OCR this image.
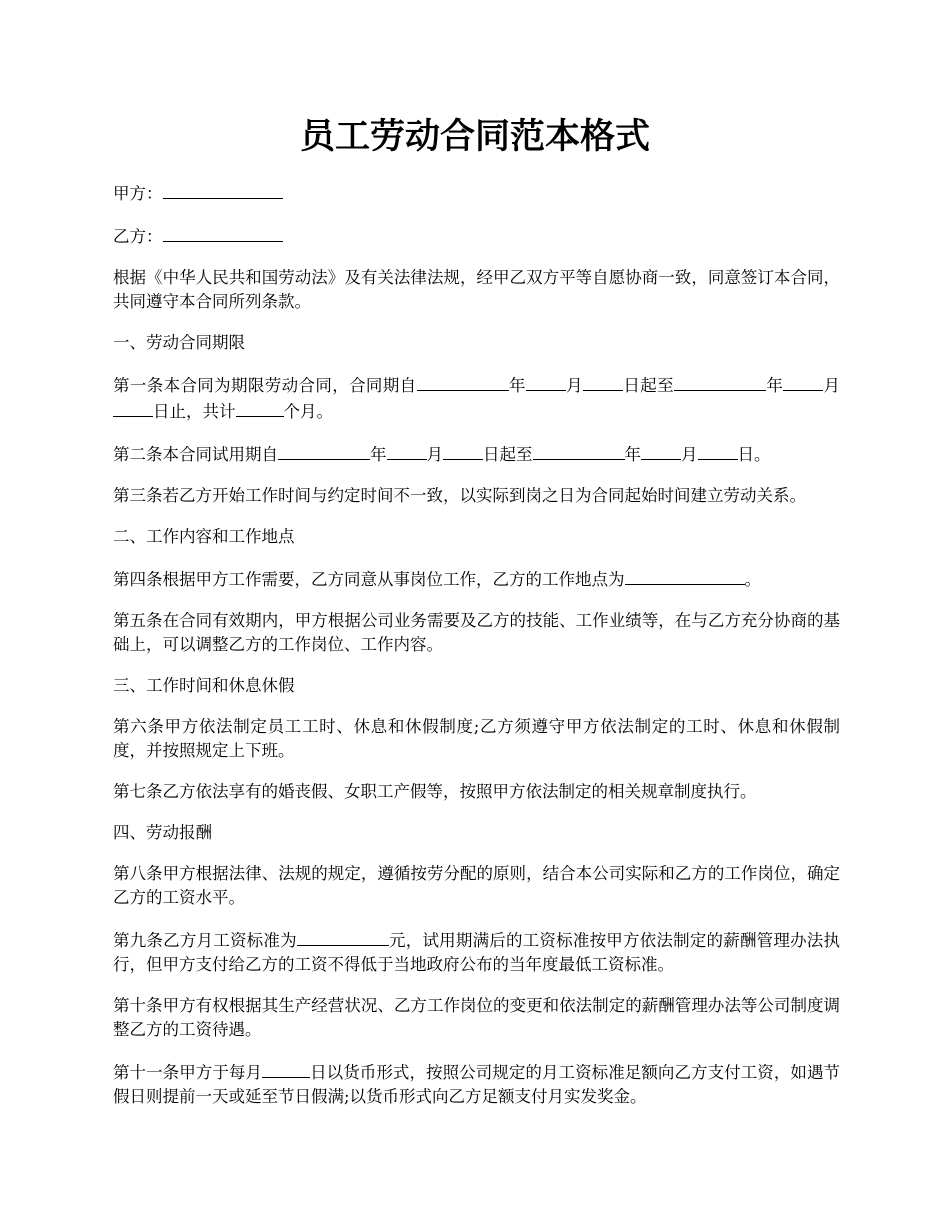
员工劳动合同范本格式

甲方：

乙方：

根据《中华人民共和国劳动法》及有关法律法规，经甲乙双方平等自愿协商一致，同意签订本合同，共同遵守本合同所列条款。

一、劳动合同期限

第一条本合同为期限劳动合同，合同期自	年 月 日起至	年 月日止，共计	个月。

第二条本合同试用期自	年 月 日起至	年 月 日。

第三条若乙方开始工作时间与约定时间不一致，以实际到岗之日为合同起始时间建立劳动关系。

二、工作内容和工作地点

第四条根据甲方工作需要，乙方同意从事岗位工作，乙方的工作地点为	。

第五条在合同有效期内，甲方根据公司业务需要及乙方的技能、工作业绩等，在与乙方充分协商的基础上，可以调整乙方的工作岗位、工作内容。

三、工作时间和休息休假

第六条甲方依法制定员工工时、休息和休假制度;乙方须遵守甲方依法制定的工时、休息和休假制度，并按照规定上下班。

第七条乙方依法享有的婚丧假、女职工产假等，按照甲方依法制定的相关规章制度执行。

四、劳动报酬

第八条甲方根据法律、法规的规定，遵循按劳分配的原则，结合本公司实际和乙方的工作岗位，确定乙方的工资水平。

第九条乙方月工资标准为	元，试用期满后的工资标准按甲方依法制定的薪酬管理办法执行，但甲方支付给乙方的工资不得低于当地政府公布的当年度最低工资标准。

第十条甲方有权根据其生产经营状况、乙方工作岗位的变更和依法制定的薪酬管理办法等公司制度调整乙方的工资待遇。

第十一条甲方于每月	日以货币形式，按照公司规定的月工资标准足额向乙方支付工资，如遇节假日则提前一天或延至节日假满;以货币形式向乙方足额支付月实发奖金。
